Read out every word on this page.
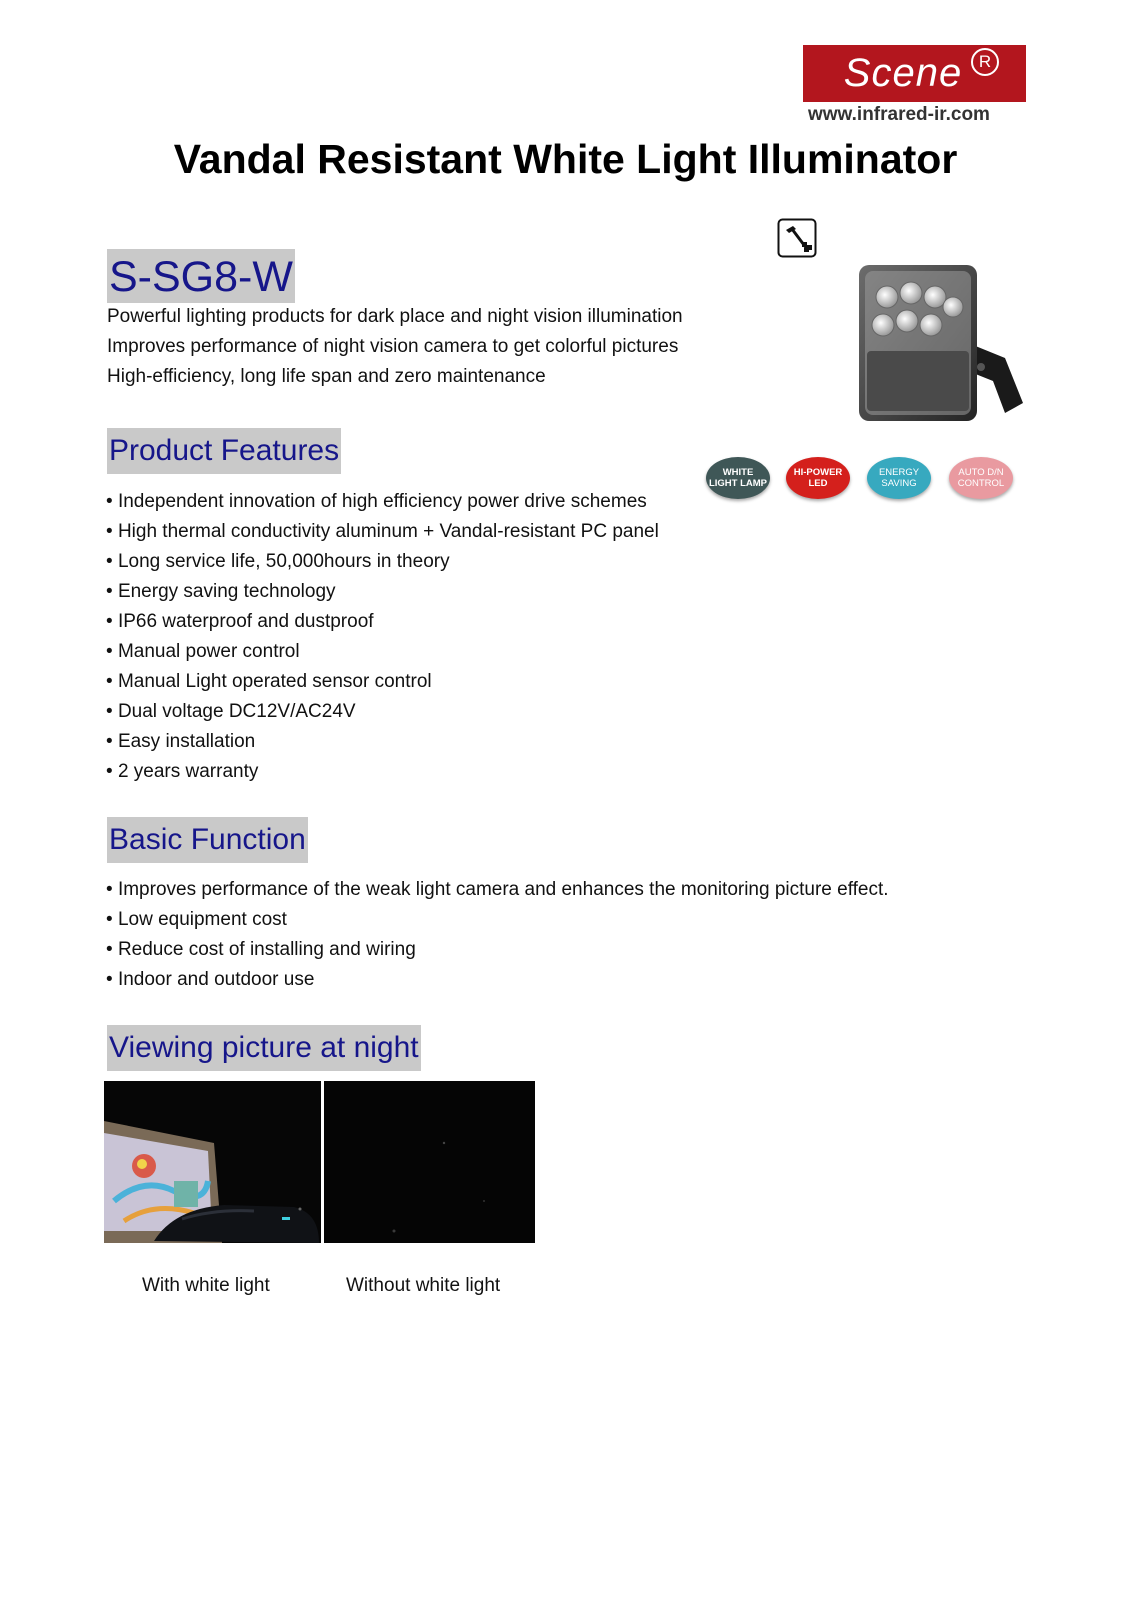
Scene R
www.infrared-ir.com
Vandal Resistant White Light Illuminator
S-SG8-W
Powerful lighting products for dark place and night vision illumination
Improves performance of night vision camera to get colorful pictures
High-efficiency, long life span and zero maintenance
Product Features
WHITE
LIGHT LAMP
HI-POWER
LED
ENERGY
SAVING
AUTO D/N
CONTROL
• Independent innovation of high efficiency power drive schemes
• High thermal conductivity aluminum + Vandal-resistant PC panel
• Long service life, 50,000hours in theory
• Energy saving technology
• IP66 waterproof and dustproof
• Manual power control
• Manual Light operated sensor control
• Dual voltage DC12V/AC24V
• Easy installation
• 2 years warranty
Basic Function
• Improves performance of the weak light camera and enhances the monitoring picture effect.
• Low equipment cost
• Reduce cost of installing and wiring
• Indoor and outdoor use
Viewing picture at night
With white light	Without white light
